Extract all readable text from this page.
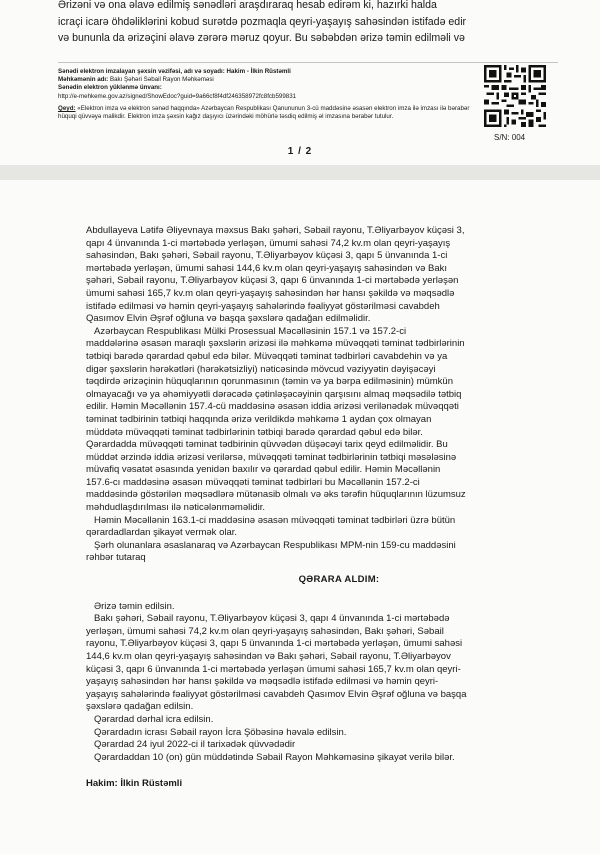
Ərizəni və ona əlavə edilmiş sənədləri araşdıraraq hesab edirəm ki, hazırki halda
icraçi icarə öhdəliklərini kobud surətdə pozmaqla qeyri-yaşayış sahəsindən istifadə edir
və bununla da ərizəçini əlavə zərərə məruz qoyur. Bu səbəbdən ərizə təmin edilməli və
Sənədi elektron imzalayan şəxsin vəzifəsi, adı və soyadı: Hakim - İlkin Rüstəmli
Məhkəmənin adı: Bakı Şəhəri Səbail Rayon Məhkəməsi
Sənədin elektron yüklənmə ünvanı:
http://e-mehkeme.gov.az/signed/ShowEdoc?guid=9a66cf8f4df246358972fc8fcb599831
Qeyd: «Elektron imza və elektron sənəd haqqında» Azərbaycan Respublikası Qanununun 3-cü maddəsinə əsasən elektron imza ilə imzası ilə bərabər hüquqi qüvvəyə malikdir. Elektron imza şəxsin kağız daşıyıcı üzərindəki möhürlə təsdiq edilmiş əl imzasına bərabər tutulur.
S/N: 004
1 / 2
Abdullayeva Lətifə Əliyevnaya məxsus Bakı şəhəri, Səbail rayonu, T.Əliyarbəyov küçəsi 3,
qapı 4 ünvanında 1-ci mərtəbədə yerləşən, ümumi sahəsi 74,2 kv.m olan qeyri-yaşayış
sahəsindən, Bakı şəhəri, Səbail rayonu, T.Əliyarbəyov küçəsi 3, qapı 5 ünvanında 1-ci
mərtəbədə yerləşən, ümumi sahəsi 144,6 kv.m olan qeyri-yaşayış sahəsindən və Bakı
şəhəri, Səbail rayonu, T.Əliyarbəyov küçəsi 3, qapı 6 ünvanında 1-ci mərtəbədə yerləşən
ümumi sahəsi 165,7 kv.m olan qeyri-yaşayış sahəsindən hər hansı şəkildə və məqsədlə
istifadə edilməsi və həmin qeyri-yaşayış sahələrində fəaliyyət göstərilməsi cavabdeh
Qasımov Elvin Əşrəf oğluna və başqa şəxslərə qadağan edilməlidir.
Azərbaycan Respublikası Mülki Prosessual Məcəlləsinin 157.1 və 157.2-ci
maddələrinə əsasən maraqlı şəxslərin ərizəsi ilə məhkəmə müvəqqəti təminat tədbirlərinin
tətbiqi barədə qərardad qəbul edə bilər. Müvəqqəti təminat tədbirləri cavabdehin və ya
digər şəxslərin hərəkətləri (hərəkətsizliyi) nəticəsində mövcud vəziyyətin dəyişəcəyi
təqdirdə ərizəçinin hüquqlarının qorunmasının (təmin və ya bərpa edilməsinin) mümkün
olmayacağı və ya əhəmiyyətli dərəcədə çətinləşəcəyinin qarşısını almaq məqsədilə tətbiq
edilir. Həmin Məcəllənin 157.4-cü maddəsinə əsasən iddia ərizəsi verilənədək müvəqqəti
təminat tədbirinin tətbiqi haqqında ərizə verildikdə məhkəmə 1 aydan çox olmayan
müddətə müvəqqəti təminat tədbirlərinin tətbiqi barədə qərardad qəbul edə bilər.
Qərardadda müvəqqəti təminat tədbirinin qüvvədən düşəcəyi tarix qeyd edilməlidir. Bu
müddət ərzində iddia ərizəsi verilərsə, müvəqqəti təminat tədbirlərinin tətbiqi məsələsinə
müvafiq vəsatət əsasında yenidən baxılır və qərardad qəbul edilir. Həmin Məcəllənin
157.6-cı maddəsinə əsasən müvəqqəti təminat tədbirləri bu Məcəllənin 157.2-ci
maddəsində göstərilən məqsədlərə mütənasib olmalı və əks tərəfin hüquqlarının lüzumsuz
məhdudlaşdırılması ilə nəticələnməməlidir.
Həmin Məcəllənin 163.1-ci maddəsinə əsasən müvəqqəti təminat tədbirləri üzrə bütün
qərardadlardan şikayət vermək olar.
Şərh olunanlara əsaslanaraq və Azərbaycan Respublikası MPM-nin 159-cu maddəsini
rəhbər tutaraq
QƏRARA ALDIM:
Ərizə təmin edilsin.
Bakı şəhəri, Səbail rayonu, T.Əliyarbəyov küçəsi 3, qapı 4 ünvanında 1-ci mərtəbədə
yerləşən, ümumi sahəsi 74,2 kv.m olan qeyri-yaşayış sahəsindən, Bakı şəhəri, Səbail
rayonu, T.Əliyarbəyov küçəsi 3, qapı 5 ünvanında 1-ci mərtəbədə yerləşən, ümumi sahəsi
144,6 kv.m olan qeyri-yaşayış sahəsindən və Bakı şəhəri, Səbail rayonu, T.Əliyarbəyov
küçəsi 3, qapı 6 ünvanında 1-ci mərtəbədə yerləşən ümumi sahəsi 165,7 kv.m olan qeyri-
yaşayış sahəsindən hər hansı şəkildə və məqsədlə istifadə edilməsi və həmin qeyri-
yaşayış sahələrində fəaliyyət göstərilməsi cavabdeh Qasımov Elvin Əşrəf oğluna və başqa
şəxslərə qadağan edilsin.
Qərardad dərhal icra edilsin.
Qərardadın icrası Səbail rayon İcra Şöbəsinə həvalə edilsin.
Qərardad 24 iyul 2022-ci il tarixədək qüvvədədir
Qərardaddan 10 (on) gün müddətində Səbail Rayon Məhkəməsinə şikayət verilə bilər.
Hakim: İlkin Rüstəmli
